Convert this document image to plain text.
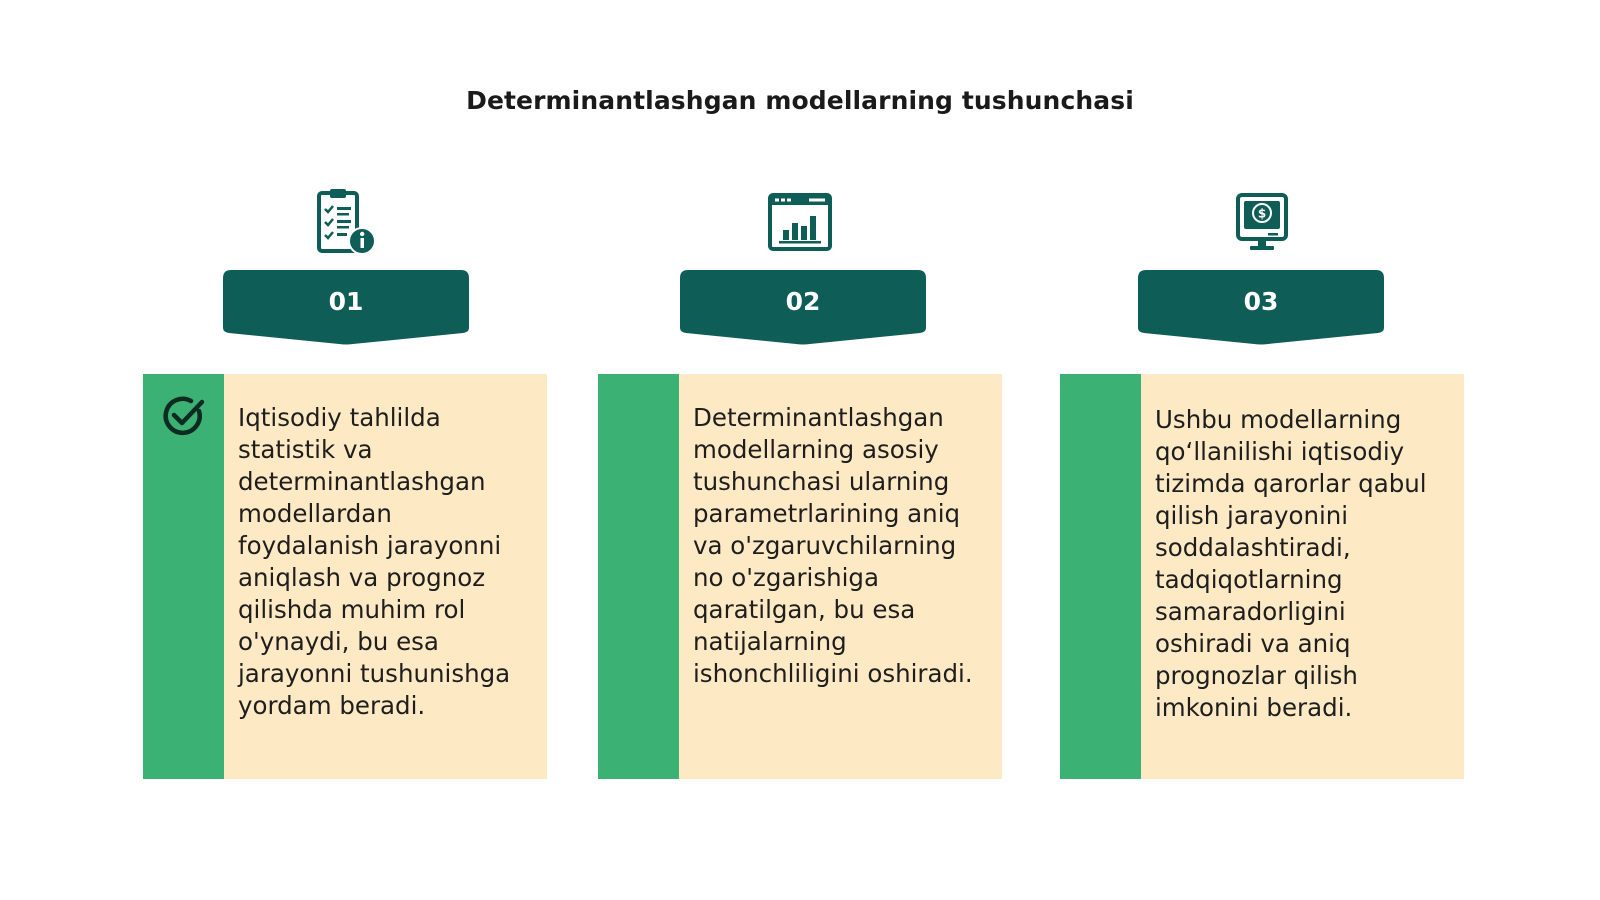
Determinantlashgan modellarning tushunchasi
01
Iqtisodiy tahlilda statistik va determinantlashgan modellardan foydalanish jarayonni aniqlash va prognoz qilishda muhim rol o'ynaydi, bu esa jarayonni tushunishga yordam beradi.
02
Determinantlashgan modellarning asosiy tushunchasi ularning parametrlarining aniq va o'zgaruvchilarning no o'zgarishiga qaratilgan, bu esa natijalarning ishonchliligini oshiradi.
$
03
Ushbu modellarning qo‘llanilishi iqtisodiy tizimda qarorlar qabul qilish jarayonini soddalashtiradi, tadqiqotlarning samaradorligini oshiradi va aniq prognozlar qilish imkonini beradi.
